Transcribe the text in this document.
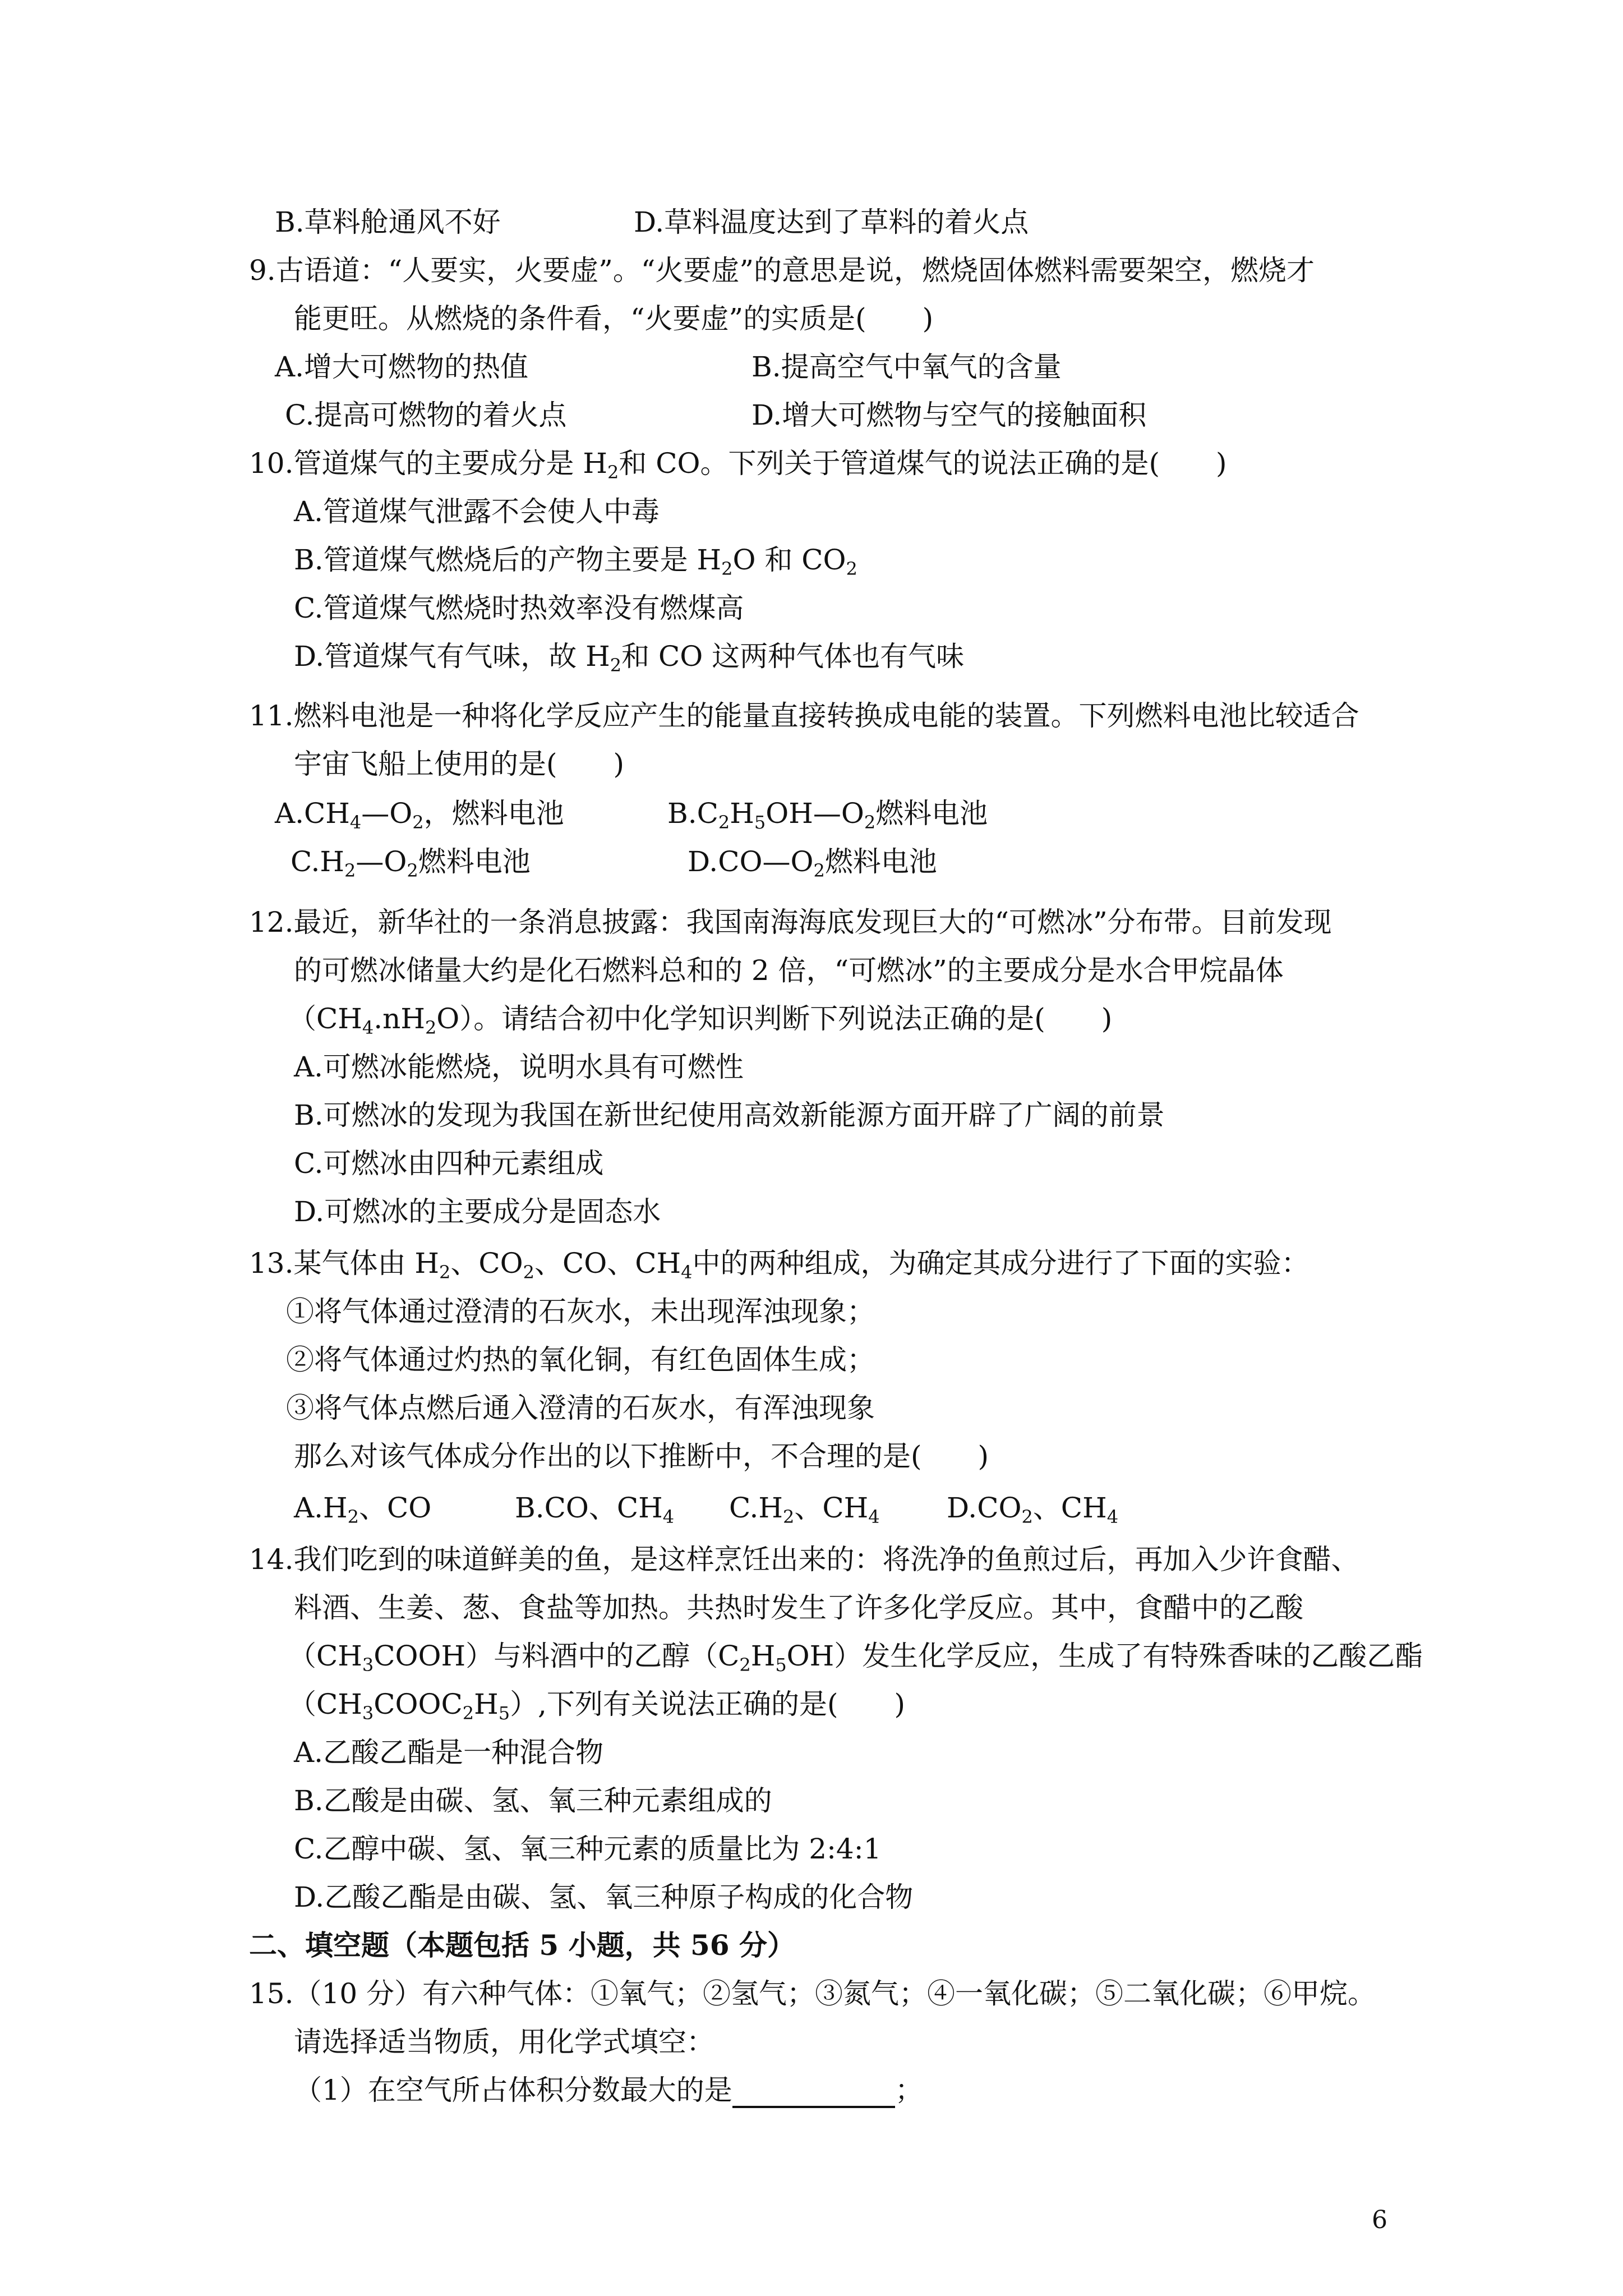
B.草料舱通风不好	D.草料温度达到了草料的着火点
9.古语道：“人要实，火要虚”。“火要虚”的意思是说，燃烧固体燃料需要架空，燃烧才
能更旺。从燃烧的条件看，“火要虚”的实质是(　　)
A.增大可燃物的热值	B.提高空气中氧气的含量
C.提高可燃物的着火点	D.增大可燃物与空气的接触面积
10.管道煤气的主要成分是 $H_2$和 CO。下列关于管道煤气的说法正确的是(　　)
A.管道煤气泄露不会使人中毒
B.管道煤气燃烧后的产物主要是 $H_2O$ 和 $CO_2$
C.管道煤气燃烧时热效率没有燃煤高
D.管道煤气有气味，故 $H_2$和 CO 这两种气体也有气味
11.燃料电池是一种将化学反应产生的能量直接转换成电能的装置。下列燃料电池比较适合
宇宙飞船上使用的是(　　)
$A.CH_4—O_2$，燃料电池	$B.C_2H_5OH—O_2$燃料电池
$C.H_2—O_2$燃料电池	$D.CO—O_2$燃料电池
12.最近，新华社的一条消息披露：我国南海海底发现巨大的“可燃冰”分布带。目前发现
的可燃冰储量大约是化石燃料总和的 2 倍，“可燃冰”的主要成分是水合甲烷晶体
$(CH_4.nH_2O)$。请结合初中化学知识判断下列说法正确的是(　　)
A.可燃冰能燃烧，说明水具有可燃性
B.可燃冰的发现为我国在新世纪使用高效新能源方面开辟了广阔的前景
C.可燃冰由四种元素组成
D.可燃冰的主要成分是固态水
13.某气体由 $H_2$、$CO_2$、CO、$CH_4$中的两种组成，为确定其成分进行了下面的实验：
①将气体通过澄清的石灰水，未出现浑浊现象；
②将气体通过灼热的氧化铜，有红色固体生成；
③将气体点燃后通入澄清的石灰水，有浑浊现象
那么对该气体成分作出的以下推断中，不合理的是(　　)
$A.H_2$、CO	B.CO、$CH_4$ $C.H_2$、$CH_4$ $D.CO_2$、$CH_4$
14.我们吃到的味道鲜美的鱼，是这样烹饪出来的：将洗净的鱼煎过后，再加入少许食醋、
料酒、生姜、葱、食盐等加热。共热时发生了许多化学反应。其中，食醋中的乙酸
$(CH_3COOH)$与料酒中的乙醇$(C_2H_5OH)$发生化学反应，生成了有特殊香味的乙酸乙酯
$(CH_3COOC_2H_5)$,下列有关说法正确的是(　　)
A.乙酸乙酯是一种混合物
B.乙酸是由碳、氢、氧三种元素组成的
C.乙醇中碳、氢、氧三种元素的质量比为 2:4:1
D.乙酸乙酯是由碳、氢、氧三种原子构成的化合物
二、填空题（本题包括 5 小题，共 56 分）
15.（10 分）有六种气体：①氧气；②氢气；③氮气；④一氧化碳；⑤二氧化碳；⑥甲烷。
请选择适当物质，用化学式填空：
（1）在空气所占体积分数最大的是	；
6
